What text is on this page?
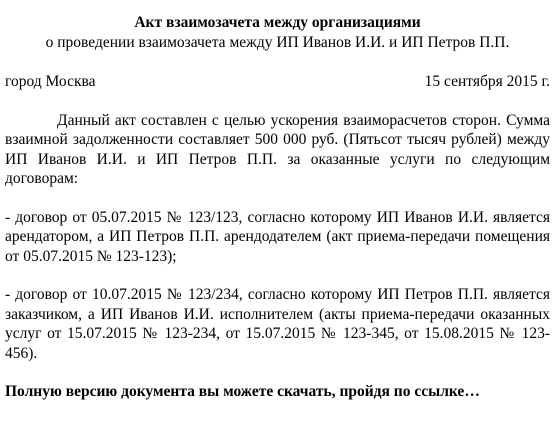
Акт взаимозачета между организациями
о проведении взаимозачета между ИП Иванов И.И. и ИП Петров П.П.
город Москва	15 сентября 2015 г.

Данный акт составлен с целью ускорения взаиморасчетов сторон. Сумма взаимной задолженности составляет 500 000 руб. (Пятьсот тысяч рублей) между ИП Иванов И.И. и ИП Петров П.П. за оказанные услуги по следующим договорам:

- договор от 05.07.2015 № 123/123, согласно которому ИП Иванов И.И. является арендатором, а ИП Петров П.П. арендодателем (акт приема-передачи помещения от 05.07.2015 № 123-123);

- договор от 10.07.2015 № 123/234, согласно которому ИП Петров П.П. является заказчиком, а ИП Иванов И.И. исполнителем (акты приема-передачи оказанных услуг от 15.07.2015 № 123-234, от 15.07.2015 № 123-345, от 15.08.2015 № 123-456).

Полную версию документа вы можете скачать, пройдя по ссылке…
